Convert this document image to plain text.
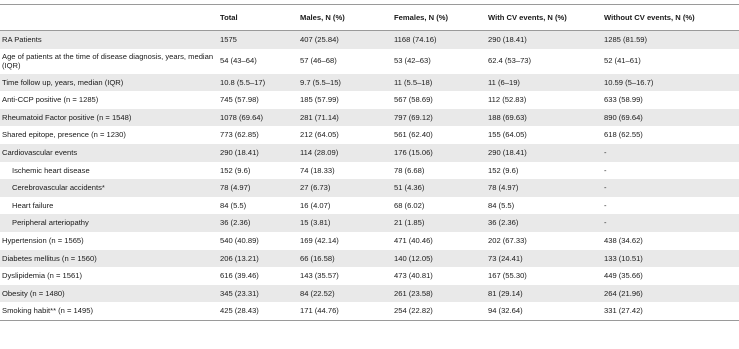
	Total	Males, N (%)	Females, N (%)	With CV events, N (%)	Without CV events, N (%)
RA Patients	1575	407 (25.84)	1168 (74.16)	290 (18.41)	1285 (81.59)
Age of patients at the time of disease diagnosis, years, median (IQR)	54 (43–64)	57 (46–68)	53 (42–63)	62.4 (53–73)	52 (41–61)
Time follow up, years, median (IQR)	10.8 (5.5–17)	9.7 (5.5–15)	11 (5.5–18)	11 (6–19)	10.59 (5–16.7)
Anti-CCP positive (n = 1285)	745 (57.98)	185 (57.99)	567 (58.69)	112 (52.83)	633 (58.99)
Rheumatoid Factor positive (n = 1548)	1078 (69.64)	281 (71.14)	797 (69.12)	188 (69.63)	890 (69.64)
Shared epitope, presence (n = 1230)	773 (62.85)	212 (64.05)	561 (62.40)	155 (64.05)	618 (62.55)
Cardiovascular events	290 (18.41)	114 (28.09)	176 (15.06)	290 (18.41)	-
Ischemic heart disease	152 (9.6)	74 (18.33)	78 (6.68)	152 (9.6)	-
Cerebrovascular accidents*	78 (4.97)	27 (6.73)	51 (4.36)	78 (4.97)	-
Heart failure	84 (5.5)	16 (4.07)	68 (6.02)	84 (5.5)	-
Peripheral arteriopathy	36 (2.36)	15 (3.81)	21 (1.85)	36 (2.36)	-
Hypertension (n = 1565)	540 (40.89)	169 (42.14)	471 (40.46)	202 (67.33)	438 (34.62)
Diabetes mellitus (n = 1560)	206 (13.21)	66 (16.58)	140 (12.05)	73 (24.41)	133 (10.51)
Dyslipidemia (n = 1561)	616 (39.46)	143 (35.57)	473 (40.81)	167 (55.30)	449 (35.66)
Obesity (n = 1480)	345 (23.31)	84 (22.52)	261 (23.58)	81 (29.14)	264 (21.96)
Smoking habit** (n = 1495)	425 (28.43)	171 (44.76)	254 (22.82)	94 (32.64)	331 (27.42)
